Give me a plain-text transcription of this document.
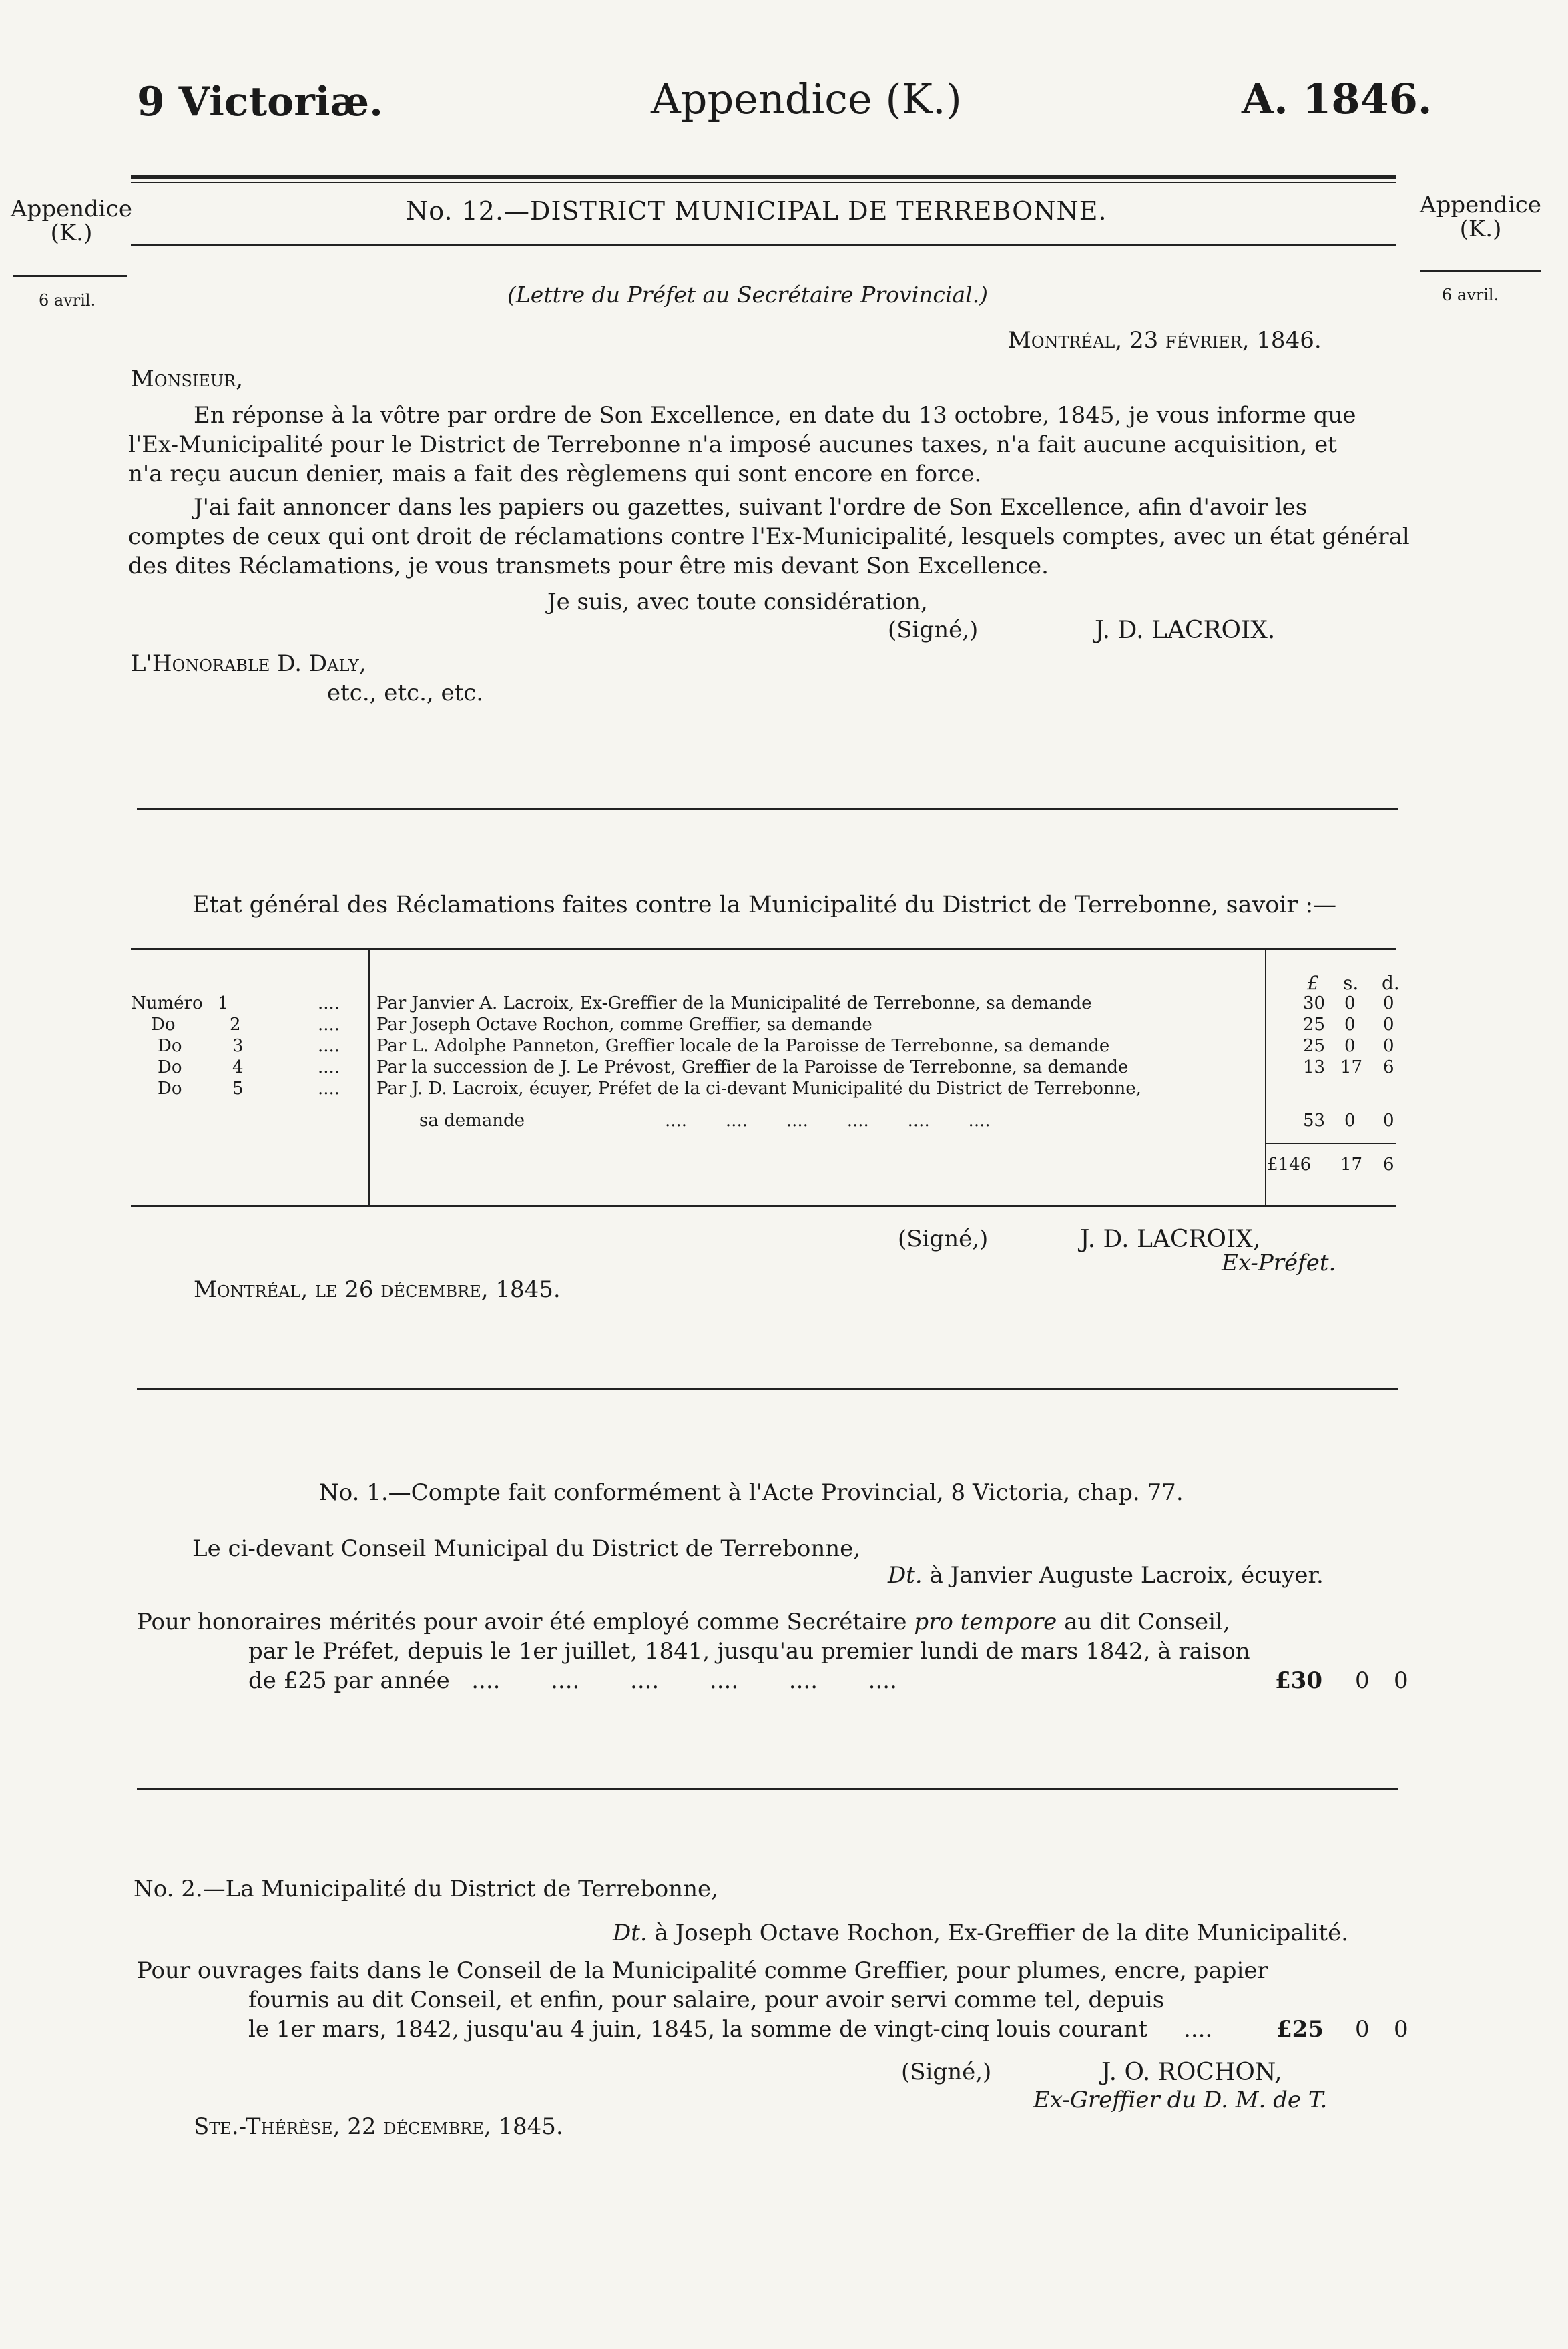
9 Victoriæ.	Appendice (K.)	A. 1846.
Appendice
(K.)
6 avril.
Appendice
(K.)
6 avril.
No. 12.—DISTRICT MUNICIPAL DE TERREBONNE.
(Lettre du Préfet au Secrétaire Provincial.)
Montréal, 23 février, 1846.
Monsieur,
En réponse à la vôtre par ordre de Son Excellence, en date du 13 octobre, 1845, je vous informe que
l'Ex-Municipalité pour le District de Terrebonne n'a imposé aucunes taxes, n'a fait aucune acquisition, et
n'a reçu aucun denier, mais a fait des règlemens qui sont encore en force.
J'ai fait annoncer dans les papiers ou gazettes, suivant l'ordre de Son Excellence, afin d'avoir les
comptes de ceux qui ont droit de réclamations contre l'Ex-Municipalité, lesquels comptes, avec un état général
des dites Réclamations, je vous transmets pour être mis devant Son Excellence.
Je suis, avec toute considération,
(Signé,)	J. D. LACROIX.
L'Honorable D. Daly,
etc., etc., etc.
Etat général des Réclamations faites contre la Municipalité du District de Terrebonne, savoir :—
£ s. d.
Numéro 1	.... Par Janvier A. Lacroix, Ex-Greffier de la Municipalité de Terrebonne, sa demande	30 0 0
Do	2	.... Par Joseph Octave Rochon, comme Greffier, sa demande	25 0 0
Do	3	.... Par L. Adolphe Panneton, Greffier locale de la Paroisse de Terrebonne, sa demande	25 0 0
Do	4	.... Par la succession de J. Le Prévost, Greffier de la Paroisse de Terrebonne, sa demande	13 17 6
Do	5	.... Par J. D. Lacroix, écuyer, Préfet de la ci-devant Municipalité du District de Terrebonne,
sa demande	....       ....       ....       ....       ....       ....	53 0 0
£146 17 6
(Signé,)	J. D. LACROIX,
Ex-Préfet.
Montréal, le 26 décembre, 1845.
No. 1.—Compte fait conformément à l'Acte Provincial, 8 Victoria, chap. 77.
Le ci-devant Conseil Municipal du District de Terrebonne,
Dt. à Janvier Auguste Lacroix, écuyer.
Pour honoraires mérités pour avoir été employé comme Secrétaire pro tempore au dit Conseil,
par le Préfet, depuis le 1er juillet, 1841, jusqu'au premier lundi de mars 1842, à raison
de £25 par année   ....       ....       ....       ....       ....       ....	£30 0 0
No. 2.—La Municipalité du District de Terrebonne,
Dt. à Joseph Octave Rochon, Ex-Greffier de la dite Municipalité.
Pour ouvrages faits dans le Conseil de la Municipalité comme Greffier, pour plumes, encre, papier
fournis au dit Conseil, et enfin, pour salaire, pour avoir servi comme tel, depuis
le 1er mars, 1842, jusqu'au 4 juin, 1845, la somme de vingt-cinq louis courant     ....	£25 0 0
(Signé,)	J. O. ROCHON,
Ex-Greffier du D. M. de T.
Ste.-Thérèse, 22 décembre, 1845.
